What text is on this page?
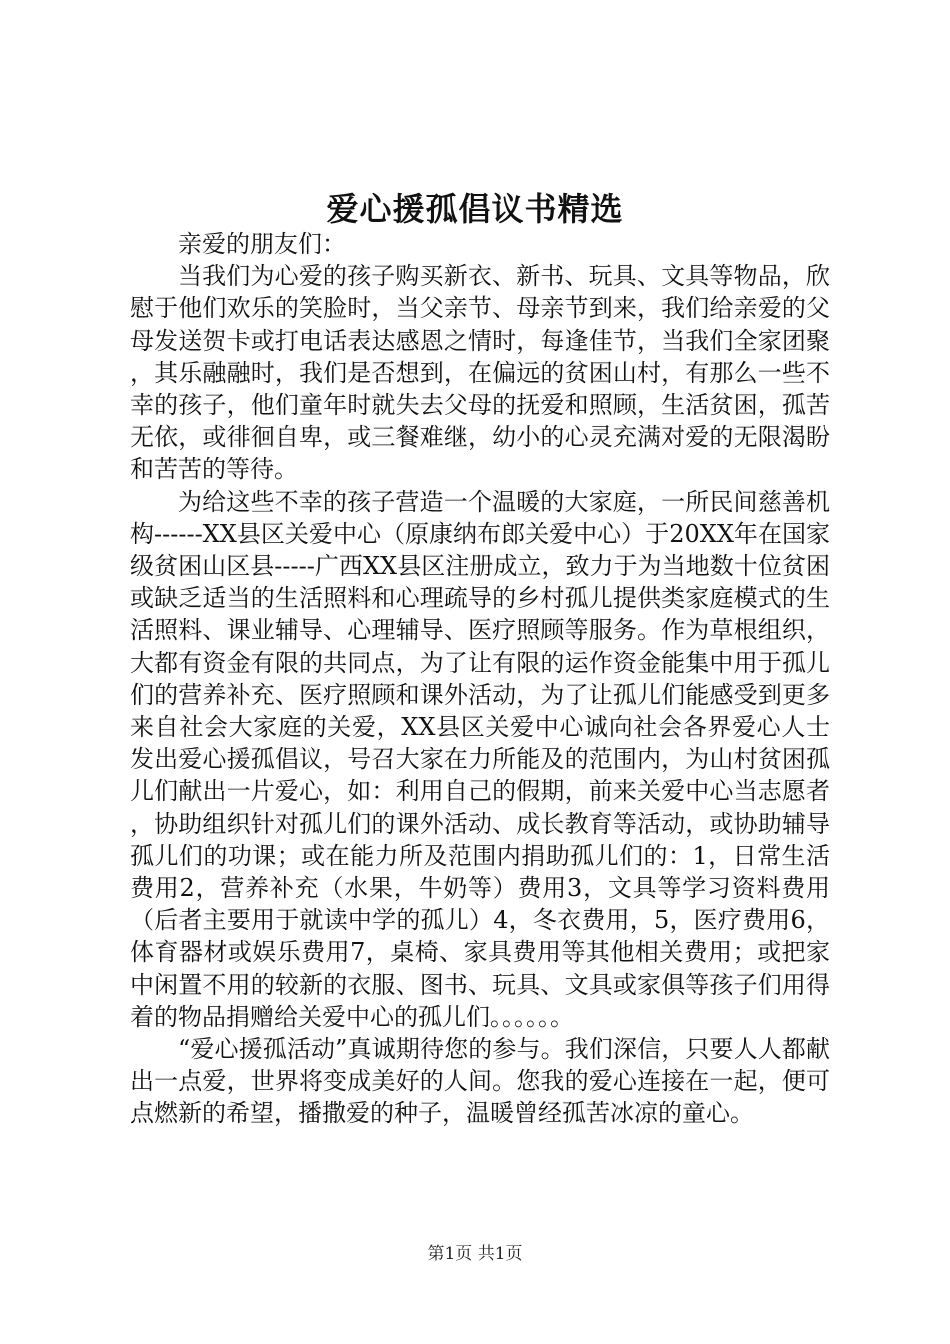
爱心援孤倡议书精选

亲爱的朋友们：

当我们为心爱的孩子购买新衣、新书、玩具、文具等物品，欣慰于他们欢乐的笑脸时，当父亲节、母亲节到来，我们给亲爱的父母发送贺卡或打电话表达感恩之情时，每逢佳节，当我们全家团聚，其乐融融时，我们是否想到，在偏远的贫困山村，有那么一些不幸的孩子，他们童年时就失去父母的抚爱和照顾，生活贫困，孤苦无依，或徘徊自卑，或三餐难继，幼小的心灵充满对爱的无限渴盼和苦苦的等待。

为给这些不幸的孩子营造一个温暖的大家庭，一所民间慈善机构------XX县区关爱中心（原康纳布郎关爱中心）于20XX年在国家级贫困山区县-----广西XX县区注册成立，致力于为当地数十位贫困或缺乏适当的生活照料和心理疏导的乡村孤儿提供类家庭模式的生活照料、课业辅导、心理辅导、医疗照顾等服务。作为草根组织，大都有资金有限的共同点，为了让有限的运作资金能集中用于孤儿们的营养补充、医疗照顾和课外活动，为了让孤儿们能感受到更多来自社会大家庭的关爱，XX县区关爱中心诚向社会各界爱心人士发出爱心援孤倡议，号召大家在力所能及的范围内，为山村贫困孤儿们献出一片爱心，如：利用自己的假期，前来关爱中心当志愿者，协助组织针对孤儿们的课外活动、成长教育等活动，或协助辅导孤儿们的功课；或在能力所及范围内捐助孤儿们的：1，日常生活费用2，营养补充（水果，牛奶等）费用3，文具等学习资料费用（后者主要用于就读中学的孤儿）4，冬衣费用，5，医疗费用6，体育器材或娱乐费用7，桌椅、家具费用等其他相关费用；或把家中闲置不用的较新的衣服、图书、玩具、文具或家俱等孩子们用得着的物品捐赠给关爱中心的孤儿们。。。。。。

“爱心援孤活动”真诚期待您的参与。我们深信，只要人人都献出一点爱，世界将变成美好的人间。您我的爱心连接在一起，便可点燃新的希望，播撒爱的种子，温暖曾经孤苦冰凉的童心。

第1页 共1页
